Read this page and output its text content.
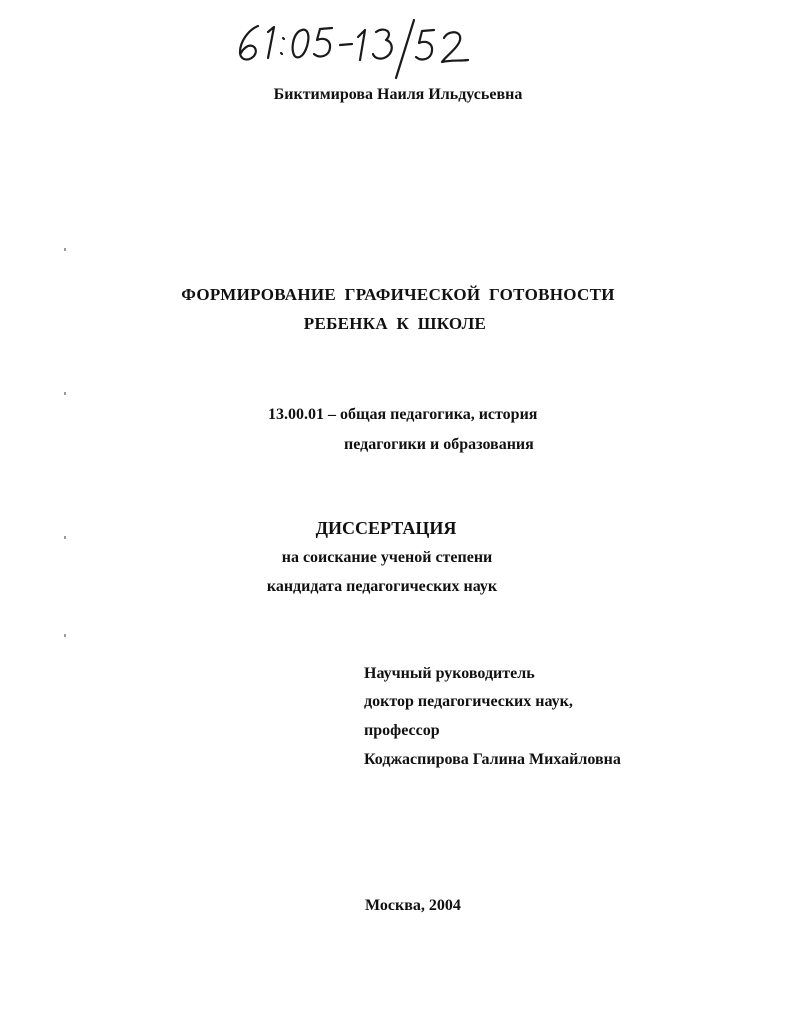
Биктимирова Наиля Ильдусьевна
ФОРМИРОВАНИЕ ГРАФИЧЕСКОЙ ГОТОВНОСТИ
РЕБЕНКА К ШКОЛЕ
13.00.01 – общая педагогика, история
педагогики и образования
ДИССЕРТАЦИЯ
на соискание ученой степени
кандидата педагогических наук
Научный руководитель
доктор педагогических наук,
профессор
Коджаспирова Галина Михайловна
Москва, 2004
